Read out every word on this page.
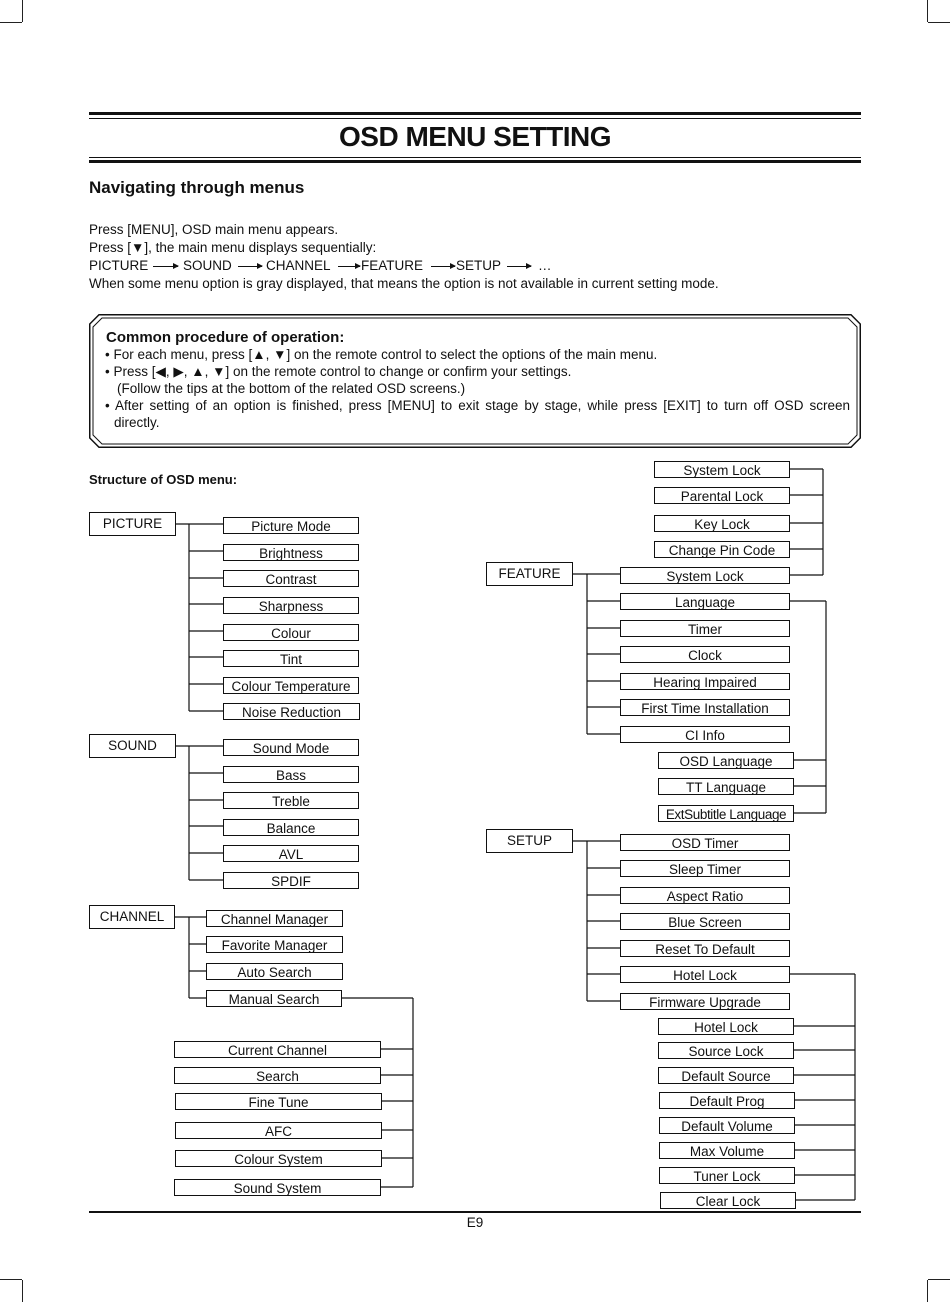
OSD MENU SETTING
Navigating through menus
Press [MENU], OSD main menu appears.
Press [▼], the main menu displays sequentially:
PICTURE	SOUND	CHANNEL FEATURE SETUP	…
When some menu option is gray displayed, that means the option is not available in current setting mode.
Common procedure of operation:
• For each menu, press [▲, ▼] on the remote control to select the options of the main menu.
• Press [◀, ▶, ▲, ▼] on the remote control to change or confirm your settings.
(Follow the tips at the bottom of the related OSD screens.)
• After setting of an option is finished, press [MENU] to exit stage by stage, while press [EXIT] to turn off OSD screen
directly.
Structure of OSD menu:
PICTURE	Picture Mode
Brightness
Contrast
Sharpness
Colour
Tint
Colour Temperature
Noise Reduction
SOUND	Sound Mode
Bass
Treble
Balance
AVL
SPDIF
CHANNEL	Channel Manager
Favorite Manager
Auto Search
Manual Search
Current Channel
Search
Fine Tune
AFC
Colour System
Sound System
System Lock
Parental Lock
Key Lock
Change Pin Code
FEATURE	System Lock
Language
Timer
Clock
Hearing Impaired
First Time Installation
CI Info
OSD Language
TT Language
ExtSubtitle Language
SETUP	OSD Timer
Sleep Timer
Aspect Ratio
Blue Screen
Reset To Default
Hotel Lock
Firmware Upgrade
Hotel Lock
Source Lock
Default Source
Default Prog
Default Volume
Max Volume
Tuner Lock
Clear Lock
E9
